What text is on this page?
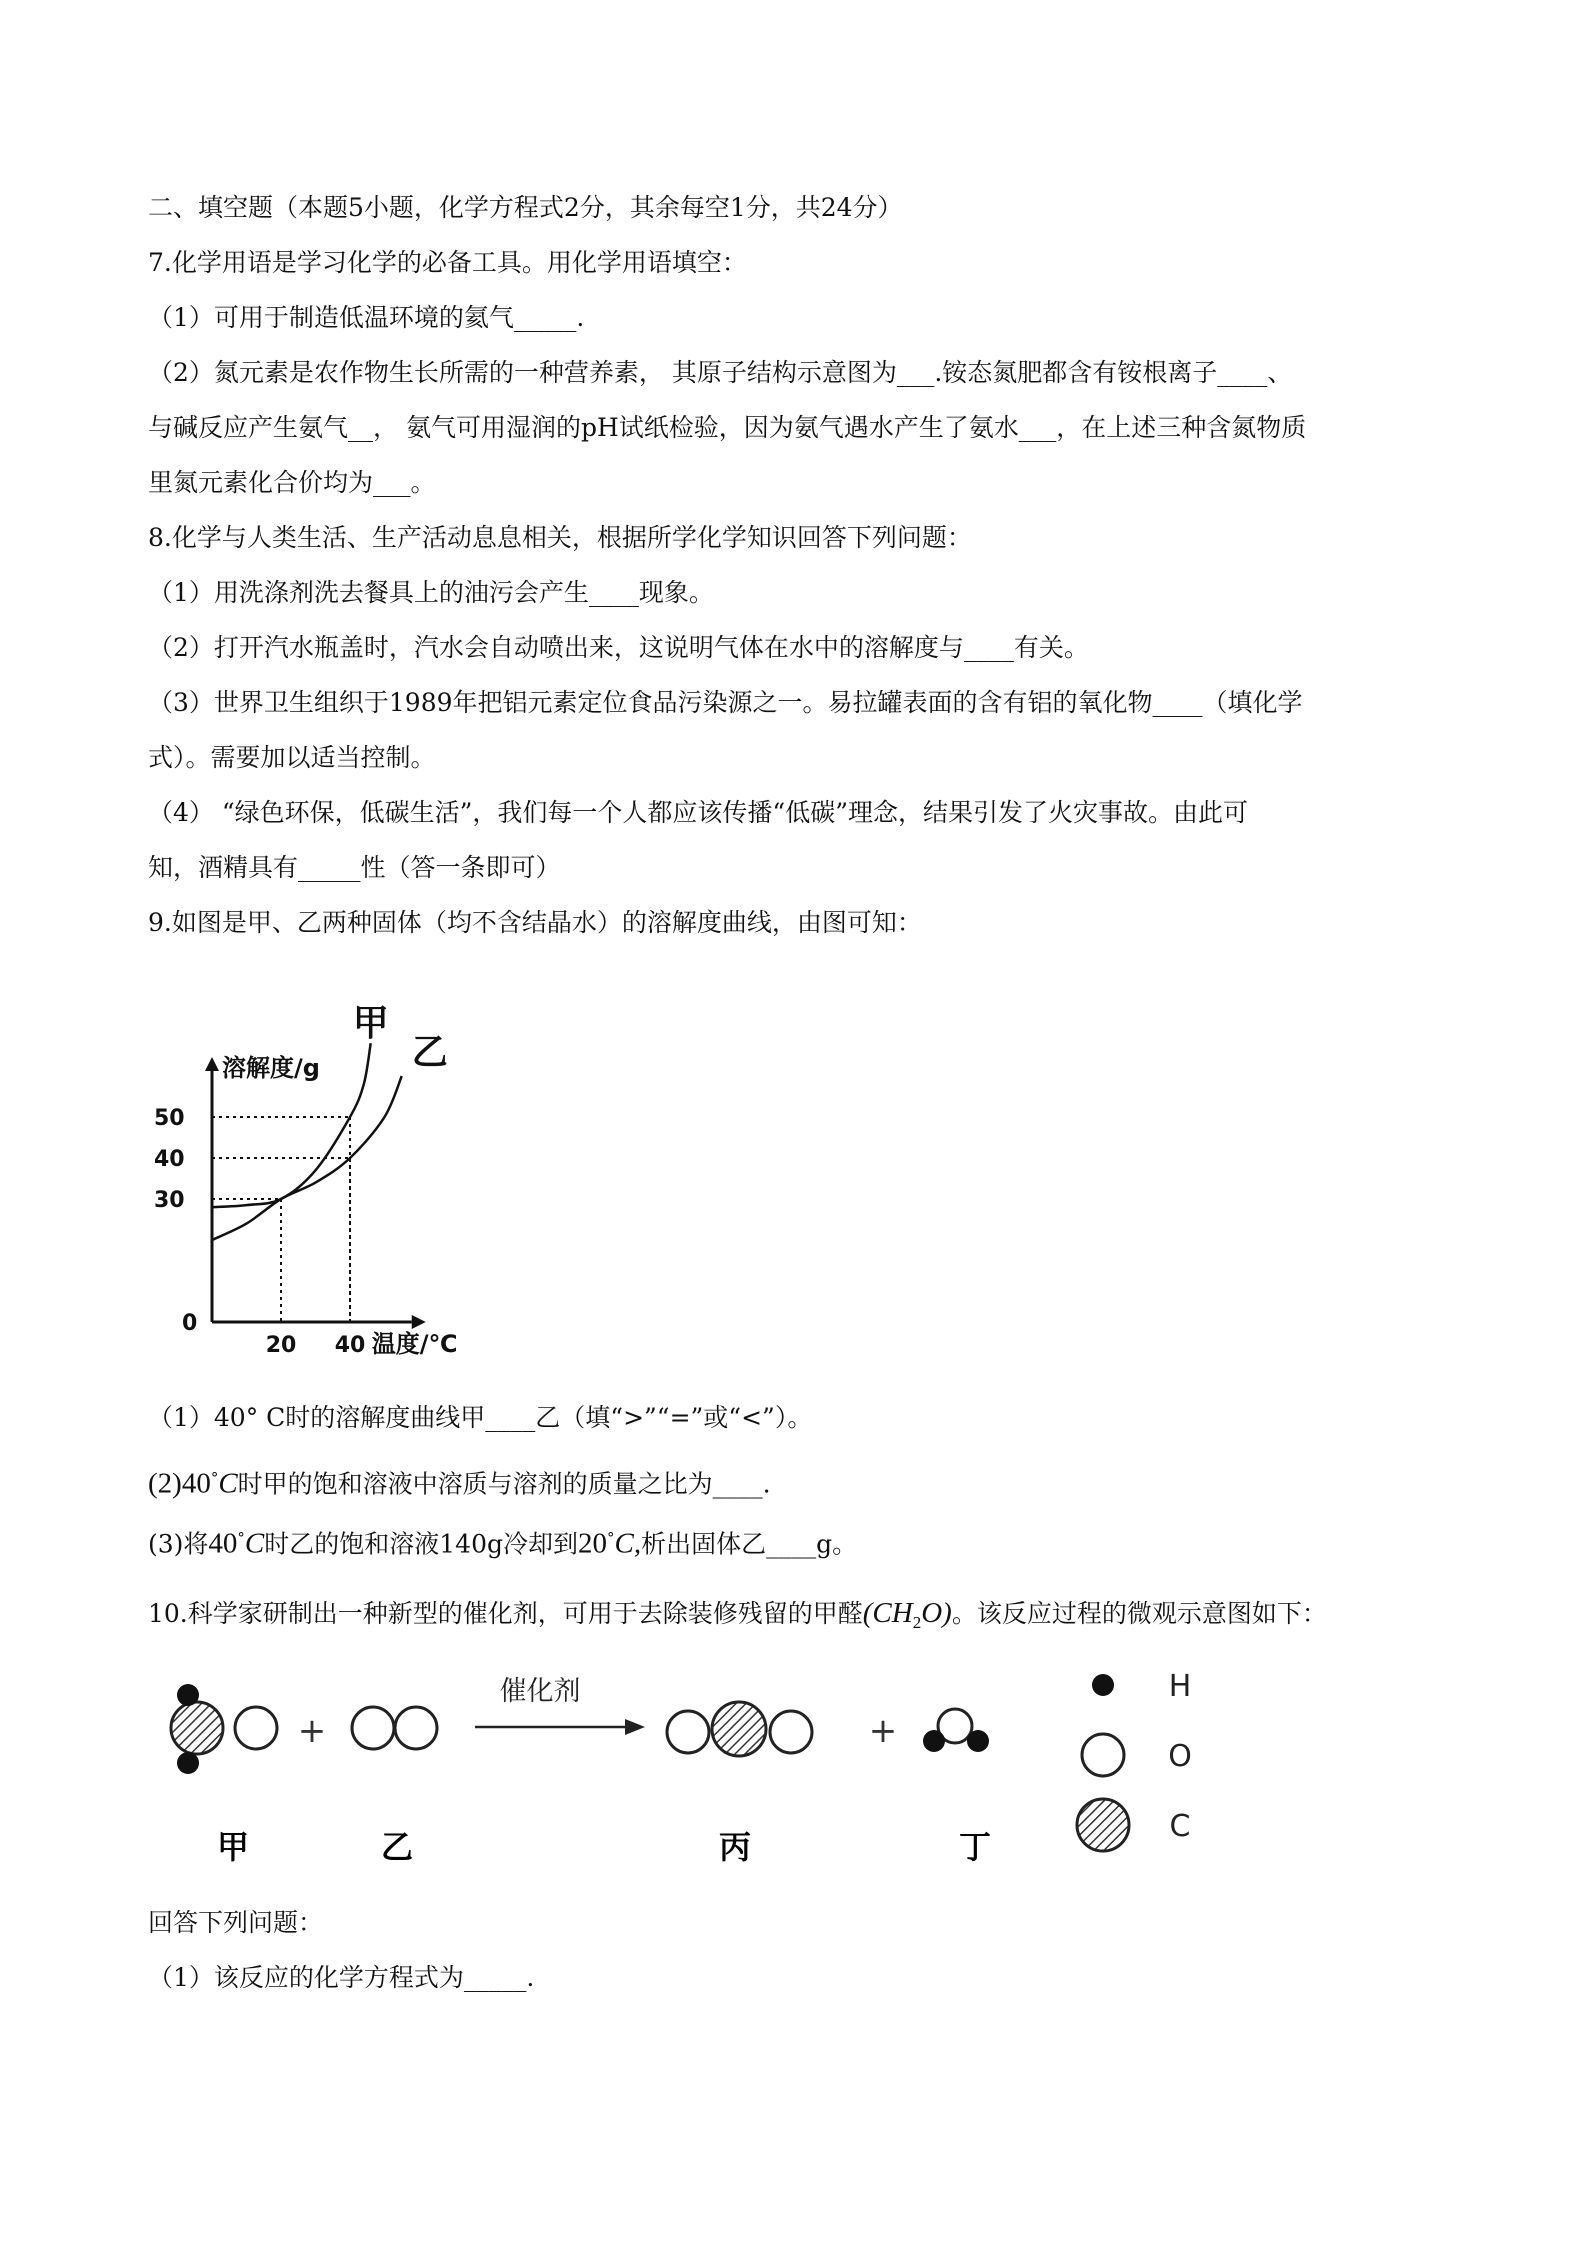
二、填空题（本题5小题，化学方程式2分，其余每空1分，共24分）
7.化学用语是学习化学的必备工具。用化学用语填空：
（1）可用于制造低温环境的氦气_____.
（2）氮元素是农作物生长所需的一种营养素， 其原子结构示意图为___.铵态氮肥都含有铵根离子____、
与碱反应产生氨气__， 氨气可用湿润的pH试纸检验，因为氨气遇水产生了氨水___，在上述三种含氮物质
里氮元素化合价均为___。
8.化学与人类生活、生产活动息息相关，根据所学化学知识回答下列问题：
（1）用洗涤剂洗去餐具上的油污会产生____现象。
（2）打开汽水瓶盖时，汽水会自动喷出来，这说明气体在水中的溶解度与____有关。
（3）世界卫生组织于1989年把铝元素定位食品污染源之一。易拉罐表面的含有铝的氧化物____（填化学
式）。需要加以适当控制。
（4） “绿色环保，低碳生活”，我们每一个人都应该传播“低碳”理念，结果引发了火灾事故。由此可
知，酒精具有_____性（答一条即可）
9.如图是甲、乙两种固体（均不含结晶水）的溶解度曲线，由图可知：
溶解度/g
温度/℃
0
20 40
50
40
30
甲
乙
（1）40° C时的溶解度曲线甲____乙（填“>”“=”或“<”）。
(2)40°C时甲的饱和溶液中溶质与溶剂的质量之比为____.
(3)将40°C时乙的饱和溶液140g冷却到20°C,析出固体乙____g。
10.科学家研制出一种新型的催化剂，可用于去除装修残留的甲醛$(CH_2O)$。该反应过程的微观示意图如下：
+
催化剂
+
甲	乙	丙	丁
H
O
C
回答下列问题：
（1）该反应的化学方程式为_____.
